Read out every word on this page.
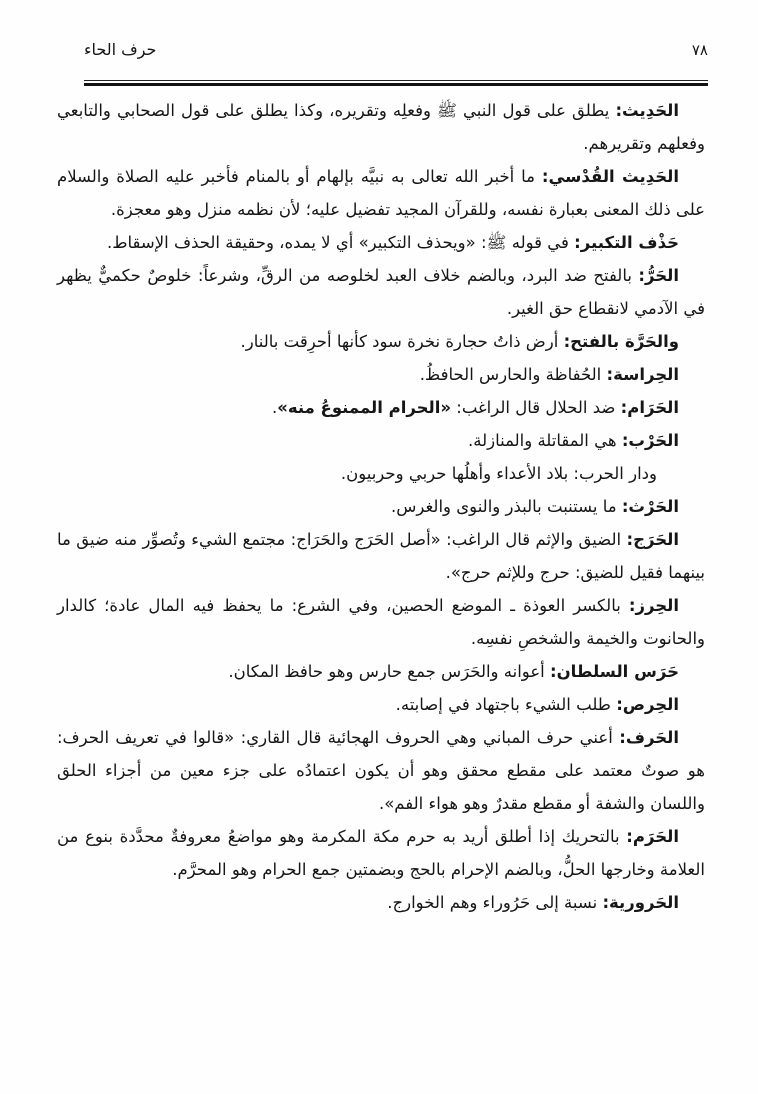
حرف الحاء	٧٨

الحَدِيث: يطلق على قول النبي ﷺ وفعلِه وتقريره، وكذا يطلق على قول الصحابي والتابعي وفعلهم وتقريرهم.

الحَدِيث القُدْسي: ما أخبر الله تعالى به نبيَّه بإلهام أو بالمنام فأخبر عليه الصلاة والسلام على ذلك المعنى بعبارة نفسه، وللقرآن المجيد تفضيل عليه؛ لأن نظمه منزل وهو معجزة.

حَذْف التكبير: في قوله ﷺ: «ويحذف التكبير» أي لا يمده، وحقيقة الحذف الإسقاط.

الحَرُّ: بالفتح ضد البرد، وبالضم خلاف العبد لخلوصه من الرقِّ، وشرعاً: خلوصٌ حكميٌّ يظهر في الآدمي لانقطاع حق الغير.

والحَرَّة بالفتح: أرض ذاتُ حجارة نخرة سود كأنها أحرِقت بالنار.

الحِراسة: الحُفاظة والحارس الحافظُ.

الحَرَام: ضد الحلال قال الراغب: «الحرام الممنوعُ منه».

الحَرْب: هي المقاتلة والمنازلة.

ودار الحرب: بلاد الأعداء وأهلُها حربي وحربيون.

الحَرْث: ما يستنبت بالبذر والنوى والغرس.

الحَرَج: الضيق والإثم قال الراغب: «أصل الحَرَج والحَرَاج: مجتمع الشيء وتُصوِّر منه ضيق ما بينهما فقيل للضيق: حرج وللإثم حرج».

الحِرز: بالكسر العوذة ـ الموضع الحصين، وفي الشرع: ما يحفظ فيه المال عادة؛ كالدار والحانوت والخيمة والشخصِ نفسِه.

حَرَس السلطان: أعوانه والحَرَس جمع حارس وهو حافظ المكان.

الحِرص: طلب الشيء باجتهاد في إصابته.

الحَرف: أعني حرف المباني وهي الحروف الهجائية قال القاري: «قالوا في تعريف الحرف: هو صوتٌ معتمد على مقطع محقق وهو أن يكون اعتمادُه على جزء معين من أجزاء الحلق واللسان والشفة أو مقطع مقدرٌ وهو هواء الفم».

الحَرَم: بالتحريك إذا أطلق أريد به حرم مكة المكرمة وهو مواضعُ معروفةٌ محدَّدة بنوع من العلامة وخارجها الحلُّ، وبالضم الإحرام بالحج وبضمتين جمع الحرام وهو المحرَّم.

الحَرورية: نسبة إلى حَرُوراء وهم الخوارج.
